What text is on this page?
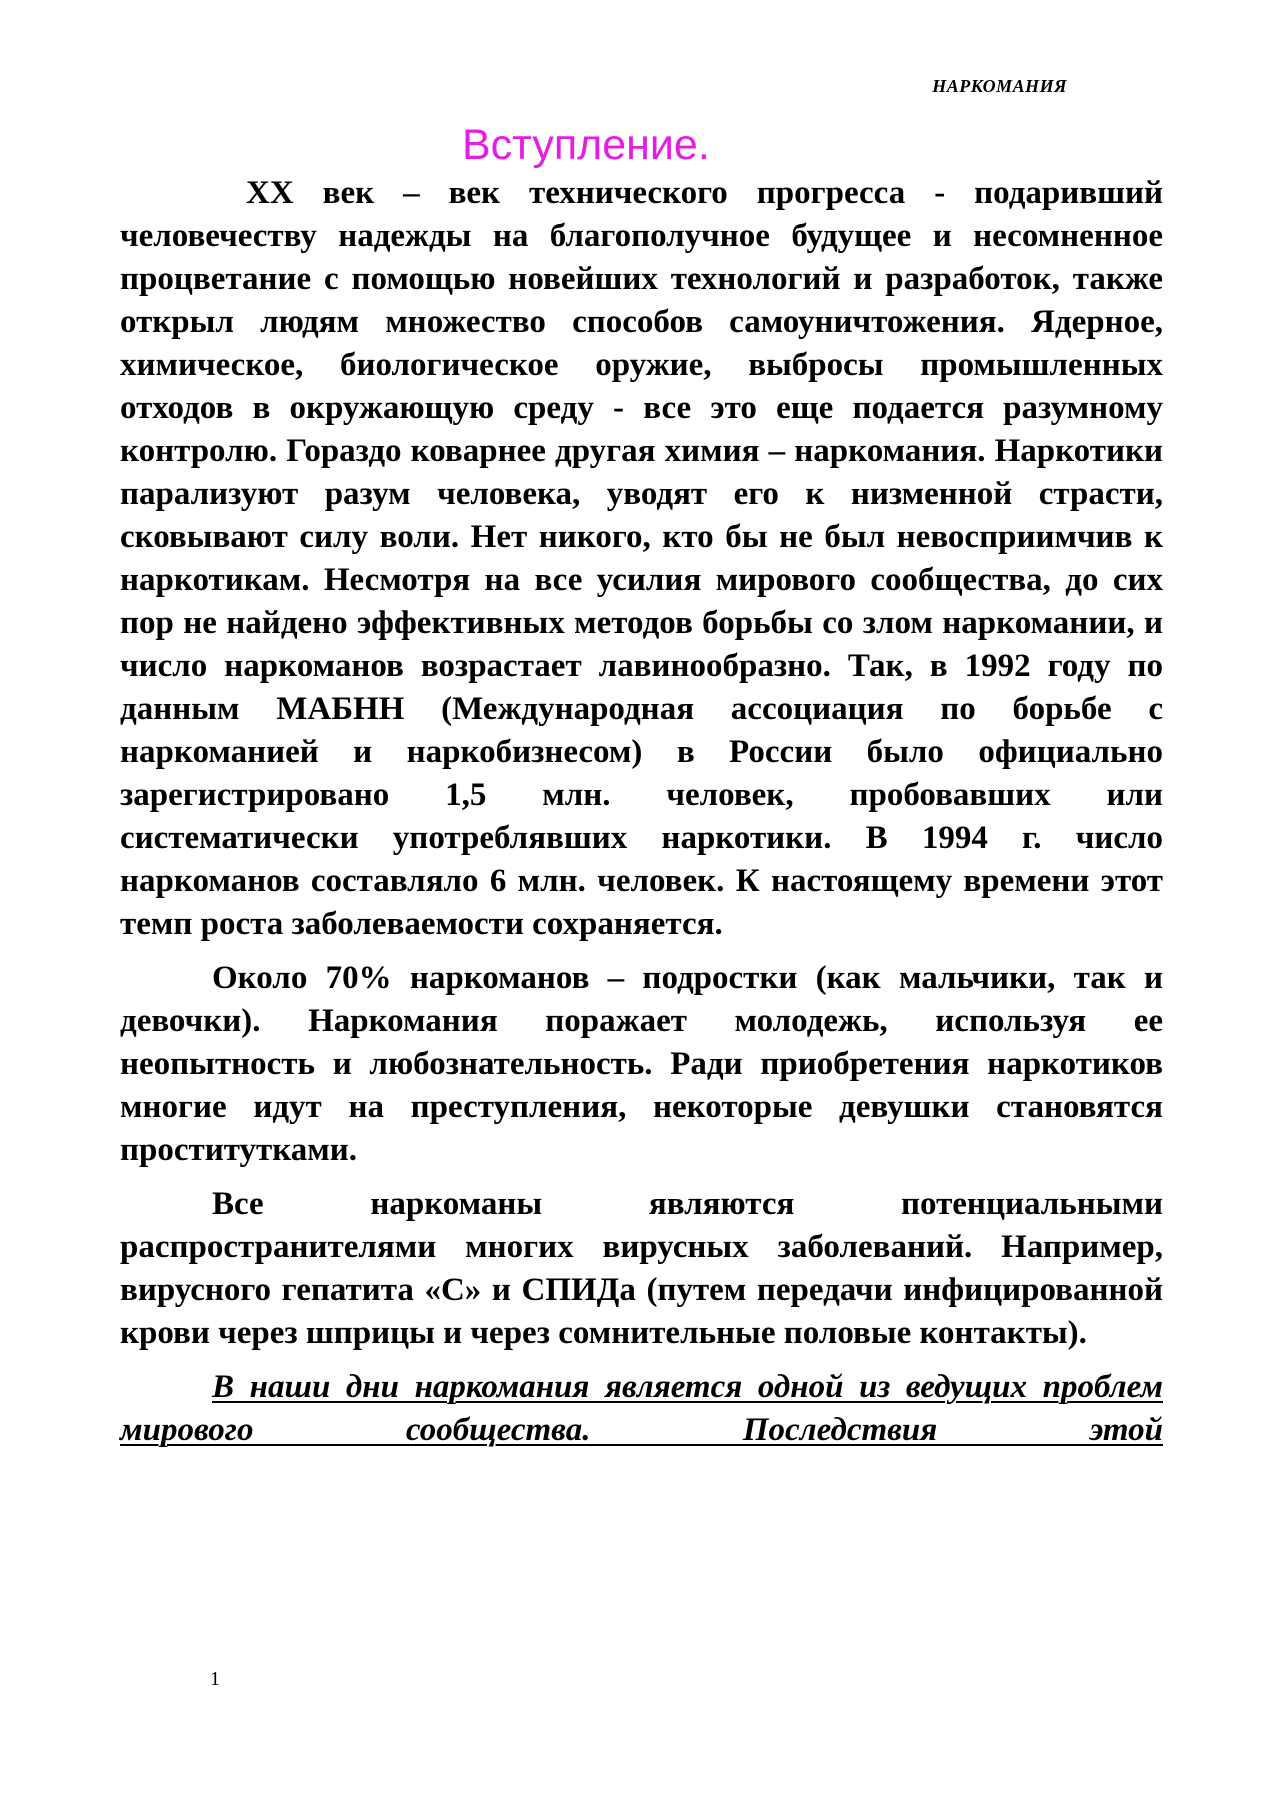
НАРКОМАНИЯ
Вступление.

XX век – век технического прогресса - подаривший человечеству надежды на благополучное будущее и несомненное процветание с помощью новейших технологий и разработок, также открыл людям множество способов самоуничтожения. Ядерное, химическое, биологическое оружие, выбросы промышленных отходов в окружающую среду - все это еще подается разумному контролю. Гораздо коварнее другая химия – наркомания. Наркотики парализуют разум человека, уводят его к низменной страсти, сковывают силу воли. Нет никого, кто бы не был невосприимчив к наркотикам. Несмотря на все усилия мирового сообщества, до сих пор не найдено эффективных методов борьбы со злом наркомании, и число наркоманов возрастает лавинообразно. Так, в 1992 году по данным МАБНН (Международная ассоциация по борьбе с наркоманией и наркобизнесом) в России было официально зарегистрировано 1,5 млн. человек, пробовавших или систематически употреблявших наркотики. В 1994 г. число наркоманов составляло 6 млн. человек. К настоящему времени этот темп роста заболеваемости сохраняется.

Около 70% наркоманов – подростки (как мальчики, так и девочки). Наркомания поражает молодежь, используя ее неопытность и любознательность. Ради приобретения наркотиков многие идут на преступления, некоторые девушки становятся проститутками.

Все наркоманы являются потенциальными распространителями многих вирусных заболеваний. Например, вирусного гепатита «С» и СПИДа (путем передачи инфицированной крови через шприцы и через сомнительные половые контакты).

В наши дни наркомания является одной из ведущих проблем мирового сообщества. Последствия этой

1
